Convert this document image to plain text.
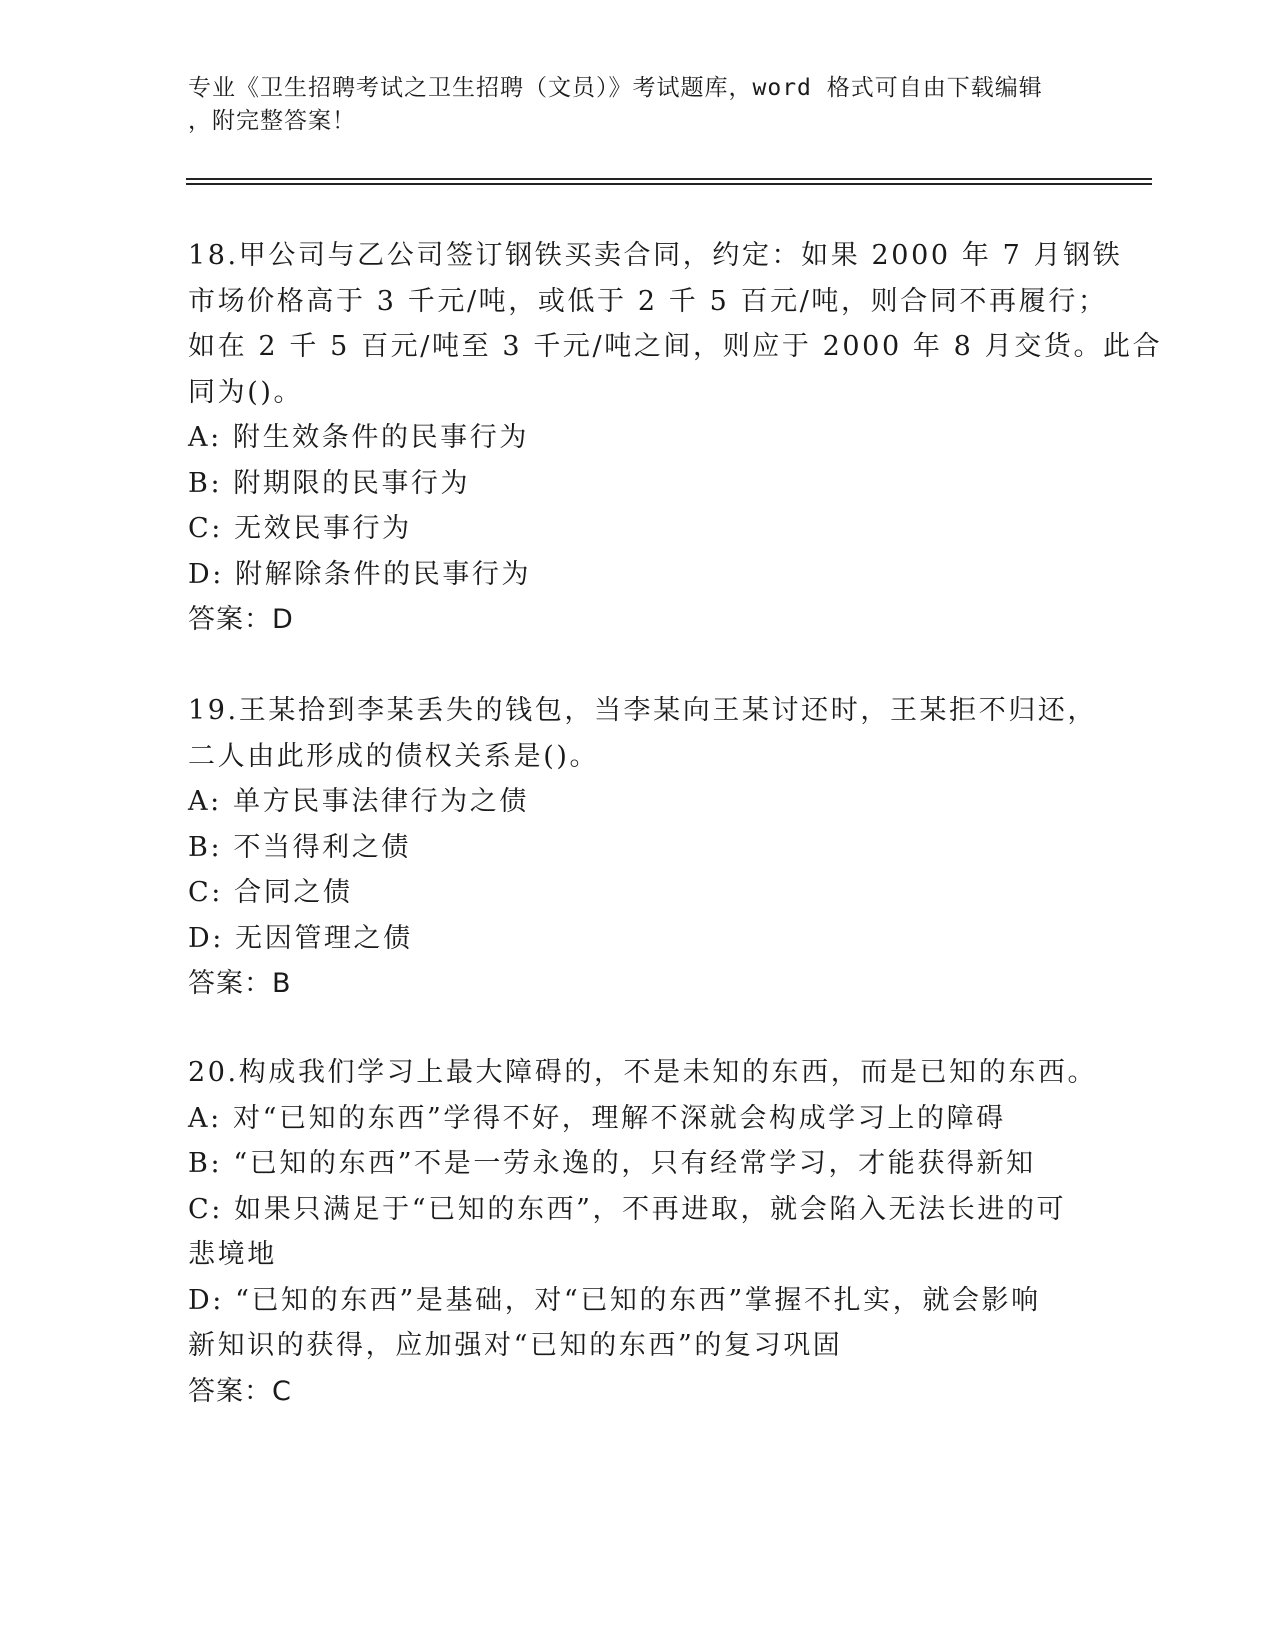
专业《卫生招聘考试之卫生招聘（文员）》考试题库，word 格式可自由下载编辑
，附完整答案！
18.甲公司与乙公司签订钢铁买卖合同，约定：如果 2000 年 7 月钢铁
市场价格高于 3 千元/吨，或低于 2 千 5 百元/吨，则合同不再履行；
如在 2 千 5 百元/吨至 3 千元/吨之间，则应于 2000 年 8 月交货。此合
同为()。
A: 附生效条件的民事行为
B: 附期限的民事行为
C: 无效民事行为
D: 附解除条件的民事行为
答案：D
19.王某拾到李某丢失的钱包，当李某向王某讨还时，王某拒不归还，
二人由此形成的债权关系是()。
A: 单方民事法律行为之债
B: 不当得利之债
C: 合同之债
D: 无因管理之债
答案：B
20.构成我们学习上最大障碍的，不是未知的东西，而是已知的东西。
A: 对“已知的东西”学得不好，理解不深就会构成学习上的障碍
B: “已知的东西”不是一劳永逸的，只有经常学习，才能获得新知
C: 如果只满足于“已知的东西”，不再进取，就会陷入无法长进的可
悲境地
D: “已知的东西”是基础，对“已知的东西”掌握不扎实，就会影响
新知识的获得，应加强对“已知的东西”的复习巩固
答案：C
